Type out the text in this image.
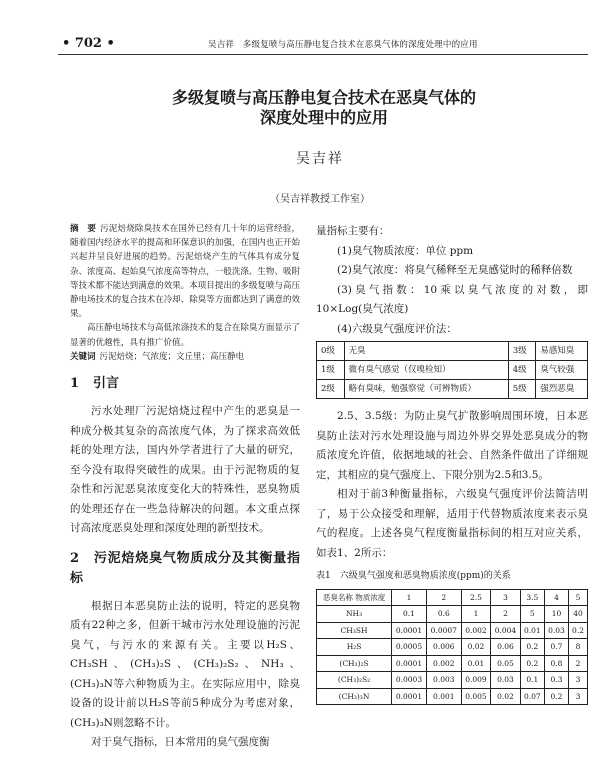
• 702 •	吴吉祥　多级复喷与高压静电复合技术在恶臭气体的深度处理中的应用
多级复喷与高压静电复合技术在恶臭气体的
深度处理中的应用
吴吉祥
（吴吉祥教授工作室）

摘　要 污泥焙烧除臭技术在国外已经有几十年的运营经验，随着国内经济水平的提高和环保意识的加强，在国内也正开始兴起并呈良好进展的趋势。污泥焙烧产生的气体具有成分复杂、浓度高、起始臭气浓度高等特点，一般洗涤、生物、吸附等技术都不能达到满意的效果。本项目提出的多级复喷与高压静电场技术的复合技术在冷却、除臭等方面都达到了满意的效果。

高压静电场技术与高低浓涤技术的复合在除臭方面显示了显著的优越性，具有推广价值。

关键词 污泥焙烧；气浓度；文丘里；高压静电

1 引言

污水处理厂污泥焙烧过程中产生的恶臭是一种成分极其复杂的高浓度气体，为了探求高效低耗的处理方法，国内外学者进行了大量的研究，至今没有取得突破性的成果。由于污泥物质的复杂性和污泥恶臭浓度变化大的特殊性，恶臭物质的处理还存在一些急待解决的问题。本文重点探讨高浓度恶臭处理和深度处理的新型技术。

2 污泥焙烧臭气物质成分及其衡量指标

根据日本恶臭防止法的说明，特定的恶臭物质有22种之多，但新干城市污水处理设施的污泥臭气，与污水的来源有关。主要以H₂S、CH₃SH、(CH₃)₂S、(CH₃)₂S₂、NH₃、(CH₃)₃N等六种物质为主。在实际应用中，除臭设备的设计前以H₂S等前5种成分为考虑对象，(CH₃)₃N则忽略不计。

对于臭气指标，日本常用的臭气强度衡

量指标主要有：

(1)臭气物质浓度：单位 ppm

(2)臭气浓度：将臭气稀释至无臭感觉时的稀释倍数

(3)臭气指数：10乘以臭气浓度的对数，即10×Log(臭气浓度)

(4)六级臭气强度评价法：

0级	无臭	3级	易感知臭
1级	微有臭气感觉（仅嗅检知）	4级	臭气较强
2级	略有臭味，勉强察觉（可辨物质）	5级	强烈恶臭

2.5、3.5级：为防止臭气扩散影响周围环境，日本恶臭防止法对污水处理设施与周边外界交界处恶臭成分的物质浓度允许值，依据地域的社会、自然条件做出了详细规定，其相应的臭气强度上、下限分别为2.5和3.5。

相对于前3种衡量指标，六级臭气强度评价法简洁明了，易于公众接受和理解，适用于代替物质浓度来表示臭气的程度。上述各臭气程度衡量指标间的相互对应关系，如表1、2所示：

表1　六级臭气强度和恶臭物质浓度(ppm)的关系

恶臭名称 物质浓度	1	2	2.5	3	3.5	4	5
NH₃	0.1	0.6	1	2	5	10	40
CH₃SH	0.0001	0.0007	0.002	0.004	0.01	0.03	0.2
H₂S	0.0005	0.006	0.02	0.06	0.2	0.7	8
(CH₃)₂S	0.0001	0.002	0.01	0.05	0.2	0.8	2
(CH₃)₂S₂	0.0003	0.003	0.009	0.03	0.1	0.3	3
(CH₃)₃N	0.0001	0.001	0.005	0.02	0.07	0.2	3
